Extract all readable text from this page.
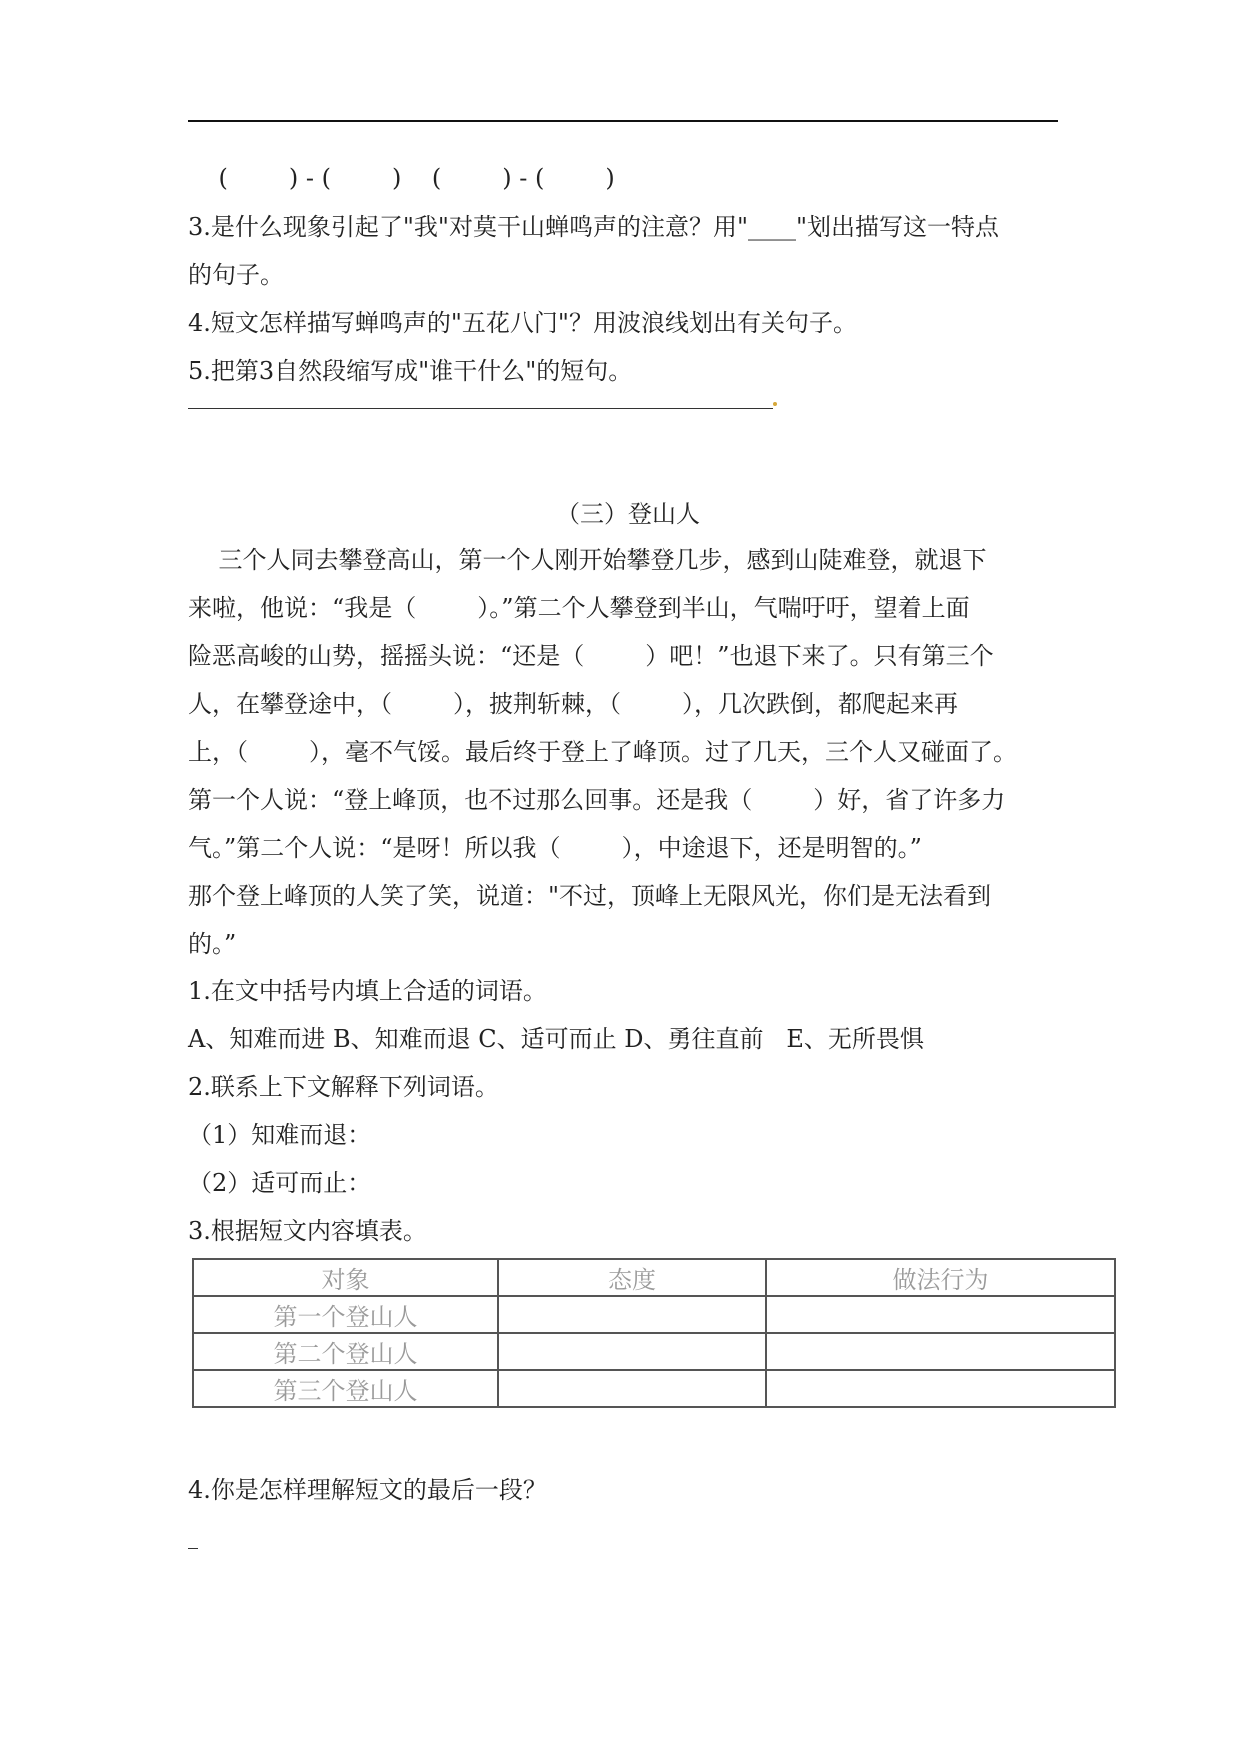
(        ) - (        )    (        ) - (        )
3.是什么现象引起了"我"对莫干山蝉鸣声的注意？用"____"划出描写这一特点
的句子。
4.短文怎样描写蝉鸣声的"五花八门"？用波浪线划出有关句子。
5.把第3自然段缩写成"谁干什么"的短句。
（三）登山人
三个人同去攀登高山，第一个人刚开始攀登几步，感到山陡难登，就退下
来啦，他说：“我是（        ）。”第二个人攀登到半山，气喘吁吁，望着上面
险恶高峻的山势，摇摇头说：“还是（        ）吧！”也退下来了。只有第三个
人，在攀登途中，（        ），披荆斩棘，（        ），几次跌倒，都爬起来再
上，（        ），毫不气馁。最后终于登上了峰顶。过了几天，三个人又碰面了。
第一个人说：“登上峰顶，也不过那么回事。还是我（        ）好，省了许多力
气。”第二个人说：“是呀！所以我（        ），中途退下，还是明智的。”
那个登上峰顶的人笑了笑，说道："不过，顶峰上无限风光，你们是无法看到
的。”
1.在文中括号内填上合适的词语。
A、知难而进 B、知难而退 C、适可而止 D、勇往直前   E、无所畏惧
2.联系上下文解释下列词语。
（1）知难而退：
（2）适可而止：
3.根据短文内容填表。
对象	态度	做法行为
第一个登山人		
第二个登山人		
第三个登山人		
4.你是怎样理解短文的最后一段？
